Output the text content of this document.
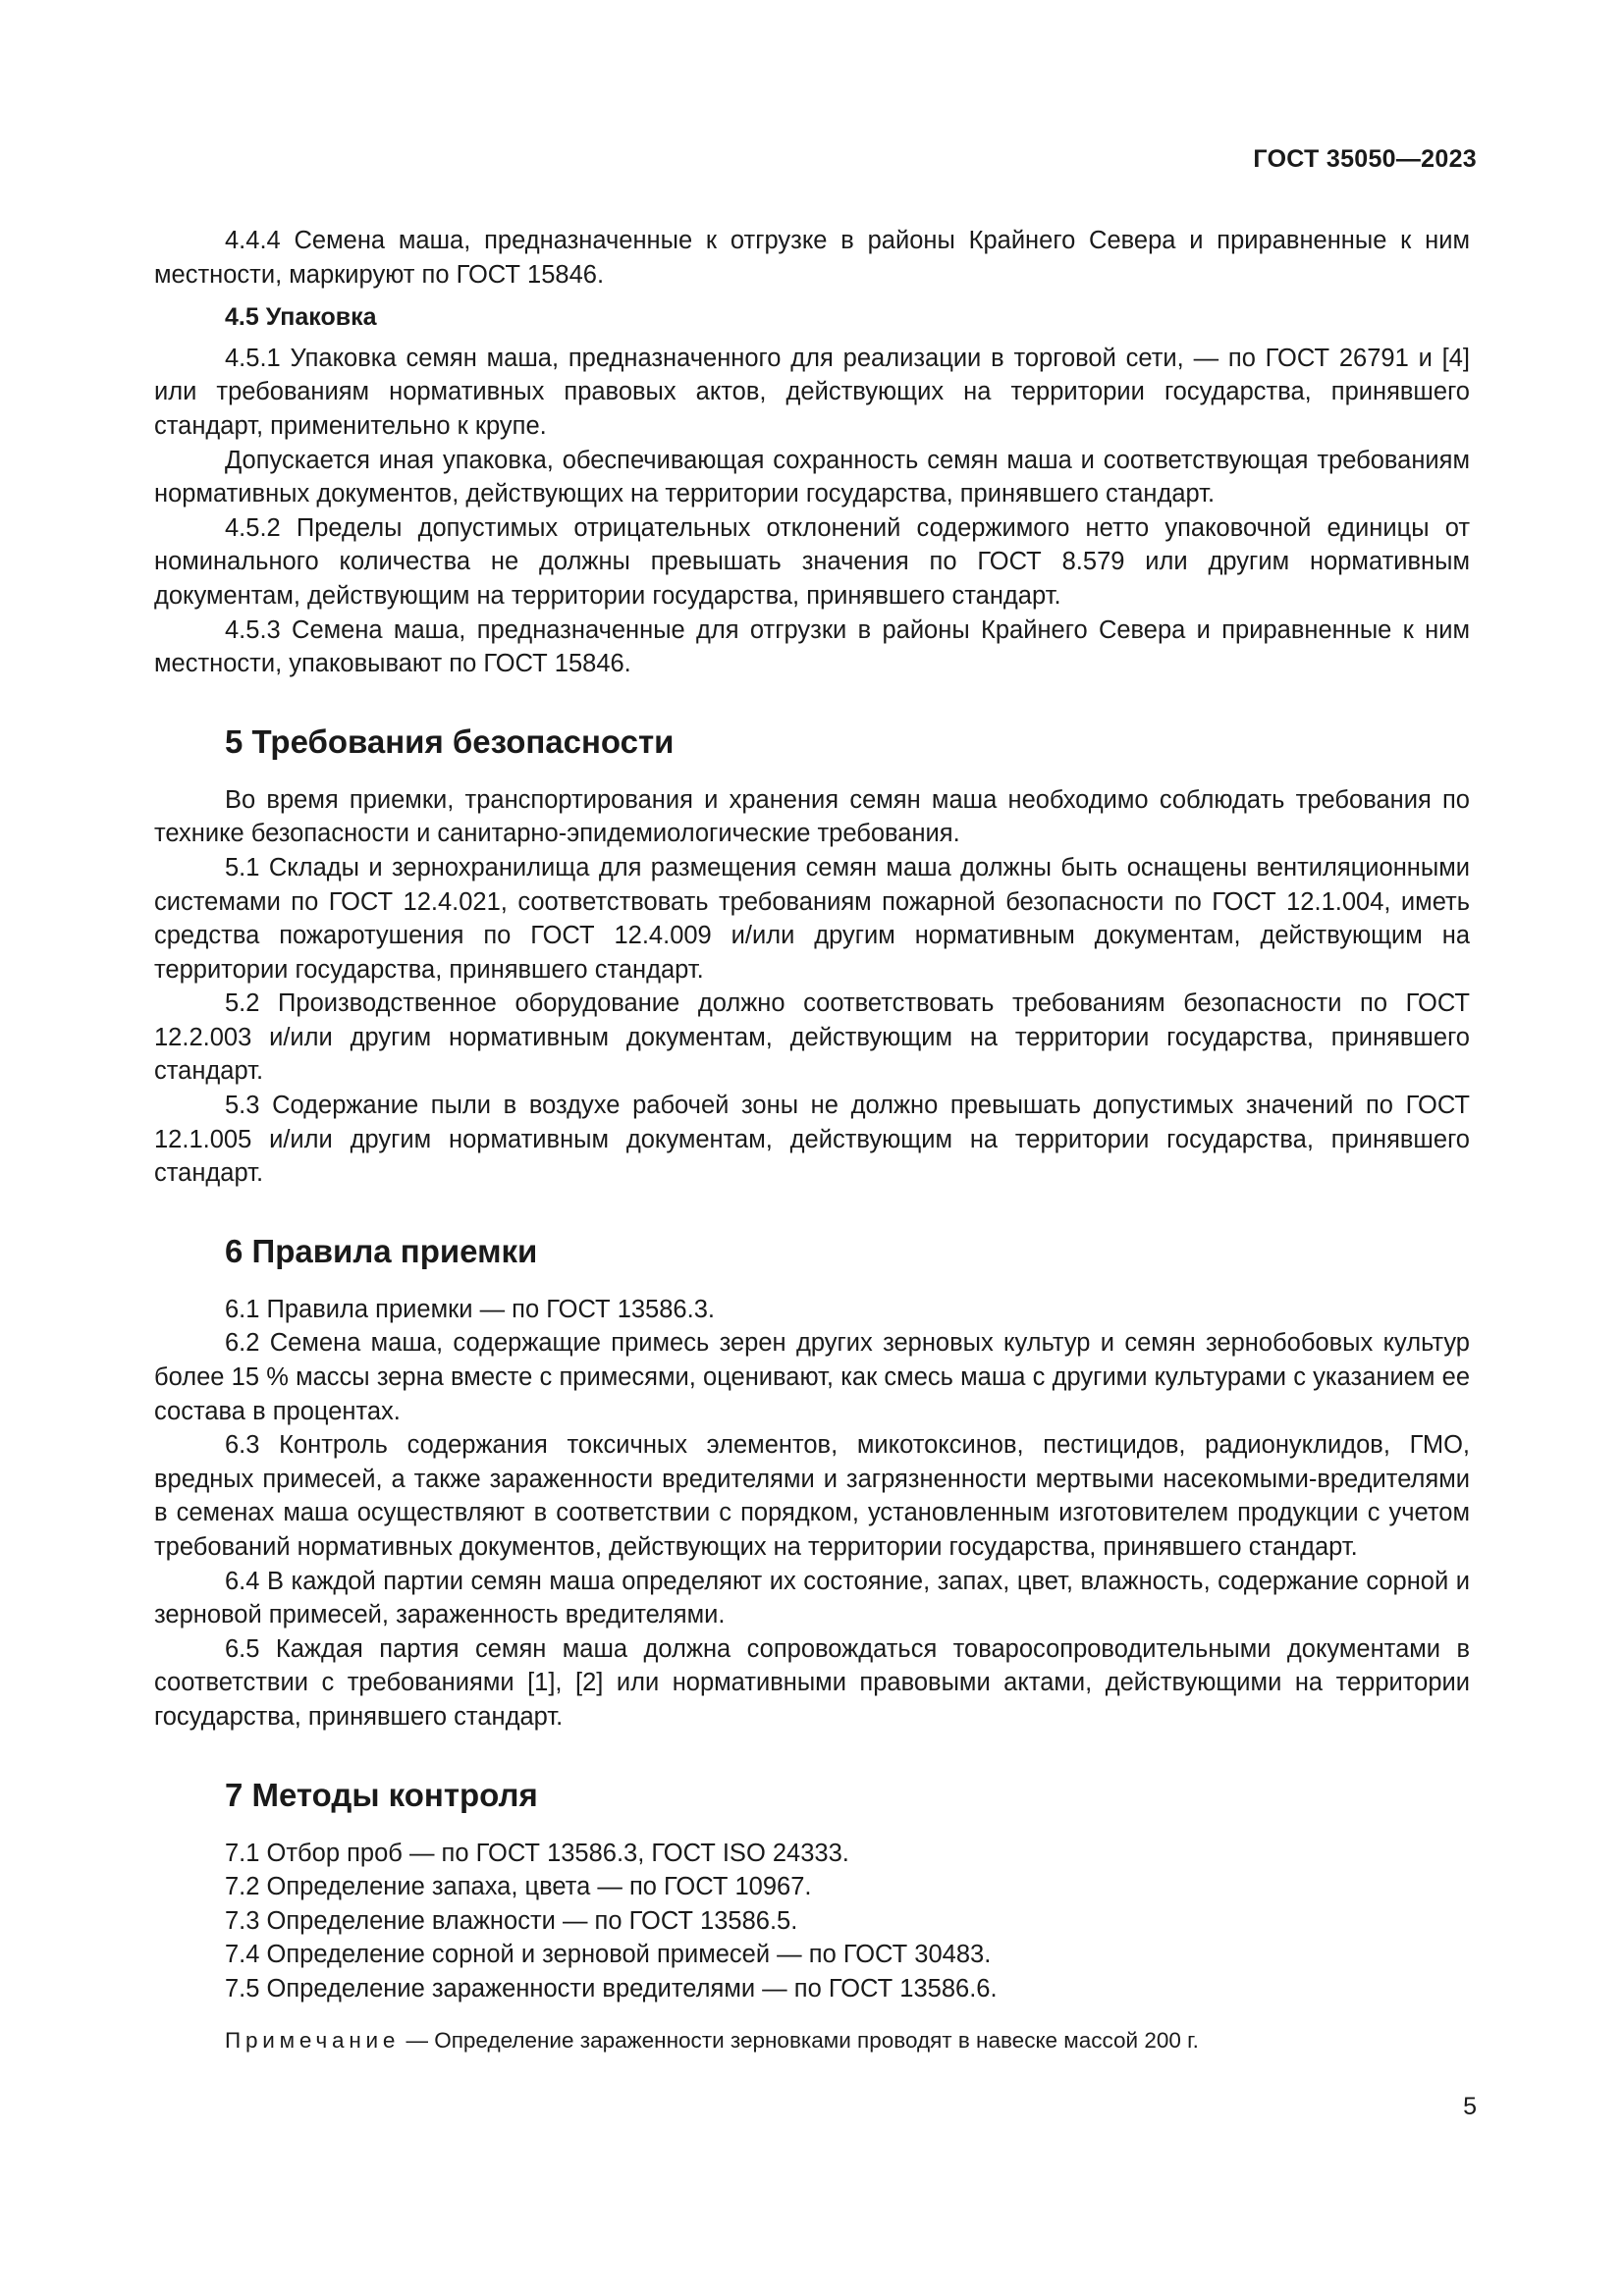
ГОСТ 35050—2023

4.4.4 Семена маша, предназначенные к отгрузке в районы Крайнего Севера и приравненные к ним местности, маркируют по ГОСТ 15846.

4.5 Упаковка

4.5.1 Упаковка семян маша, предназначенного для реализации в торговой сети, — по ГОСТ 26791 и [4] или требованиям нормативных правовых актов, действующих на территории государства, принявшего стандарт, применительно к крупе.

Допускается иная упаковка, обеспечивающая сохранность семян маша и соответствующая требованиям нормативных документов, действующих на территории государства, принявшего стандарт.

4.5.2 Пределы допустимых отрицательных отклонений содержимого нетто упаковочной единицы от номинального количества не должны превышать значения по ГОСТ 8.579 или другим нормативным документам, действующим на территории государства, принявшего стандарт.

4.5.3 Семена маша, предназначенные для отгрузки в районы Крайнего Севера и приравненные к ним местности, упаковывают по ГОСТ 15846.

5 Требования безопасности

Во время приемки, транспортирования и хранения семян маша необходимо соблюдать требования по технике безопасности и санитарно-эпидемиологические требования.

5.1 Склады и зернохранилища для размещения семян маша должны быть оснащены вентиляционными системами по ГОСТ 12.4.021, соответствовать требованиям пожарной безопасности по ГОСТ 12.1.004, иметь средства пожаротушения по ГОСТ 12.4.009 и/или другим нормативным документам, действующим на территории государства, принявшего стандарт.

5.2 Производственное оборудование должно соответствовать требованиям безопасности по ГОСТ 12.2.003 и/или другим нормативным документам, действующим на территории государства, принявшего стандарт.

5.3 Содержание пыли в воздухе рабочей зоны не должно превышать допустимых значений по ГОСТ 12.1.005 и/или другим нормативным документам, действующим на территории государства, принявшего стандарт.

6 Правила приемки

6.1 Правила приемки — по ГОСТ 13586.3.

6.2 Семена маша, содержащие примесь зерен других зерновых культур и семян зернобобовых культур более 15 % массы зерна вместе с примесями, оценивают, как смесь маша с другими культурами с указанием ее состава в процентах.

6.3 Контроль содержания токсичных элементов, микотоксинов, пестицидов, радионуклидов, ГМО, вредных примесей, а также зараженности вредителями и загрязненности мертвыми насекомыми-вредителями в семенах маша осуществляют в соответствии с порядком, установленным изготовителем продукции с учетом требований нормативных документов, действующих на территории государства, принявшего стандарт.

6.4 В каждой партии семян маша определяют их состояние, запах, цвет, влажность, содержание сорной и зерновой примесей, зараженность вредителями.

6.5 Каждая партия семян маша должна сопровождаться товаросопроводительными документами в соответствии с требованиями [1], [2] или нормативными правовыми актами, действующими на территории государства, принявшего стандарт.

7 Методы контроля

7.1 Отбор проб — по ГОСТ 13586.3, ГОСТ ISO 24333.

7.2 Определение запаха, цвета — по ГОСТ 10967.

7.3 Определение влажности — по ГОСТ 13586.5.

7.4 Определение сорной и зерновой примесей — по ГОСТ 30483.

7.5 Определение зараженности вредителями — по ГОСТ 13586.6.

Примечание — Определение зараженности зерновками проводят в навеске массой 200 г.

5
